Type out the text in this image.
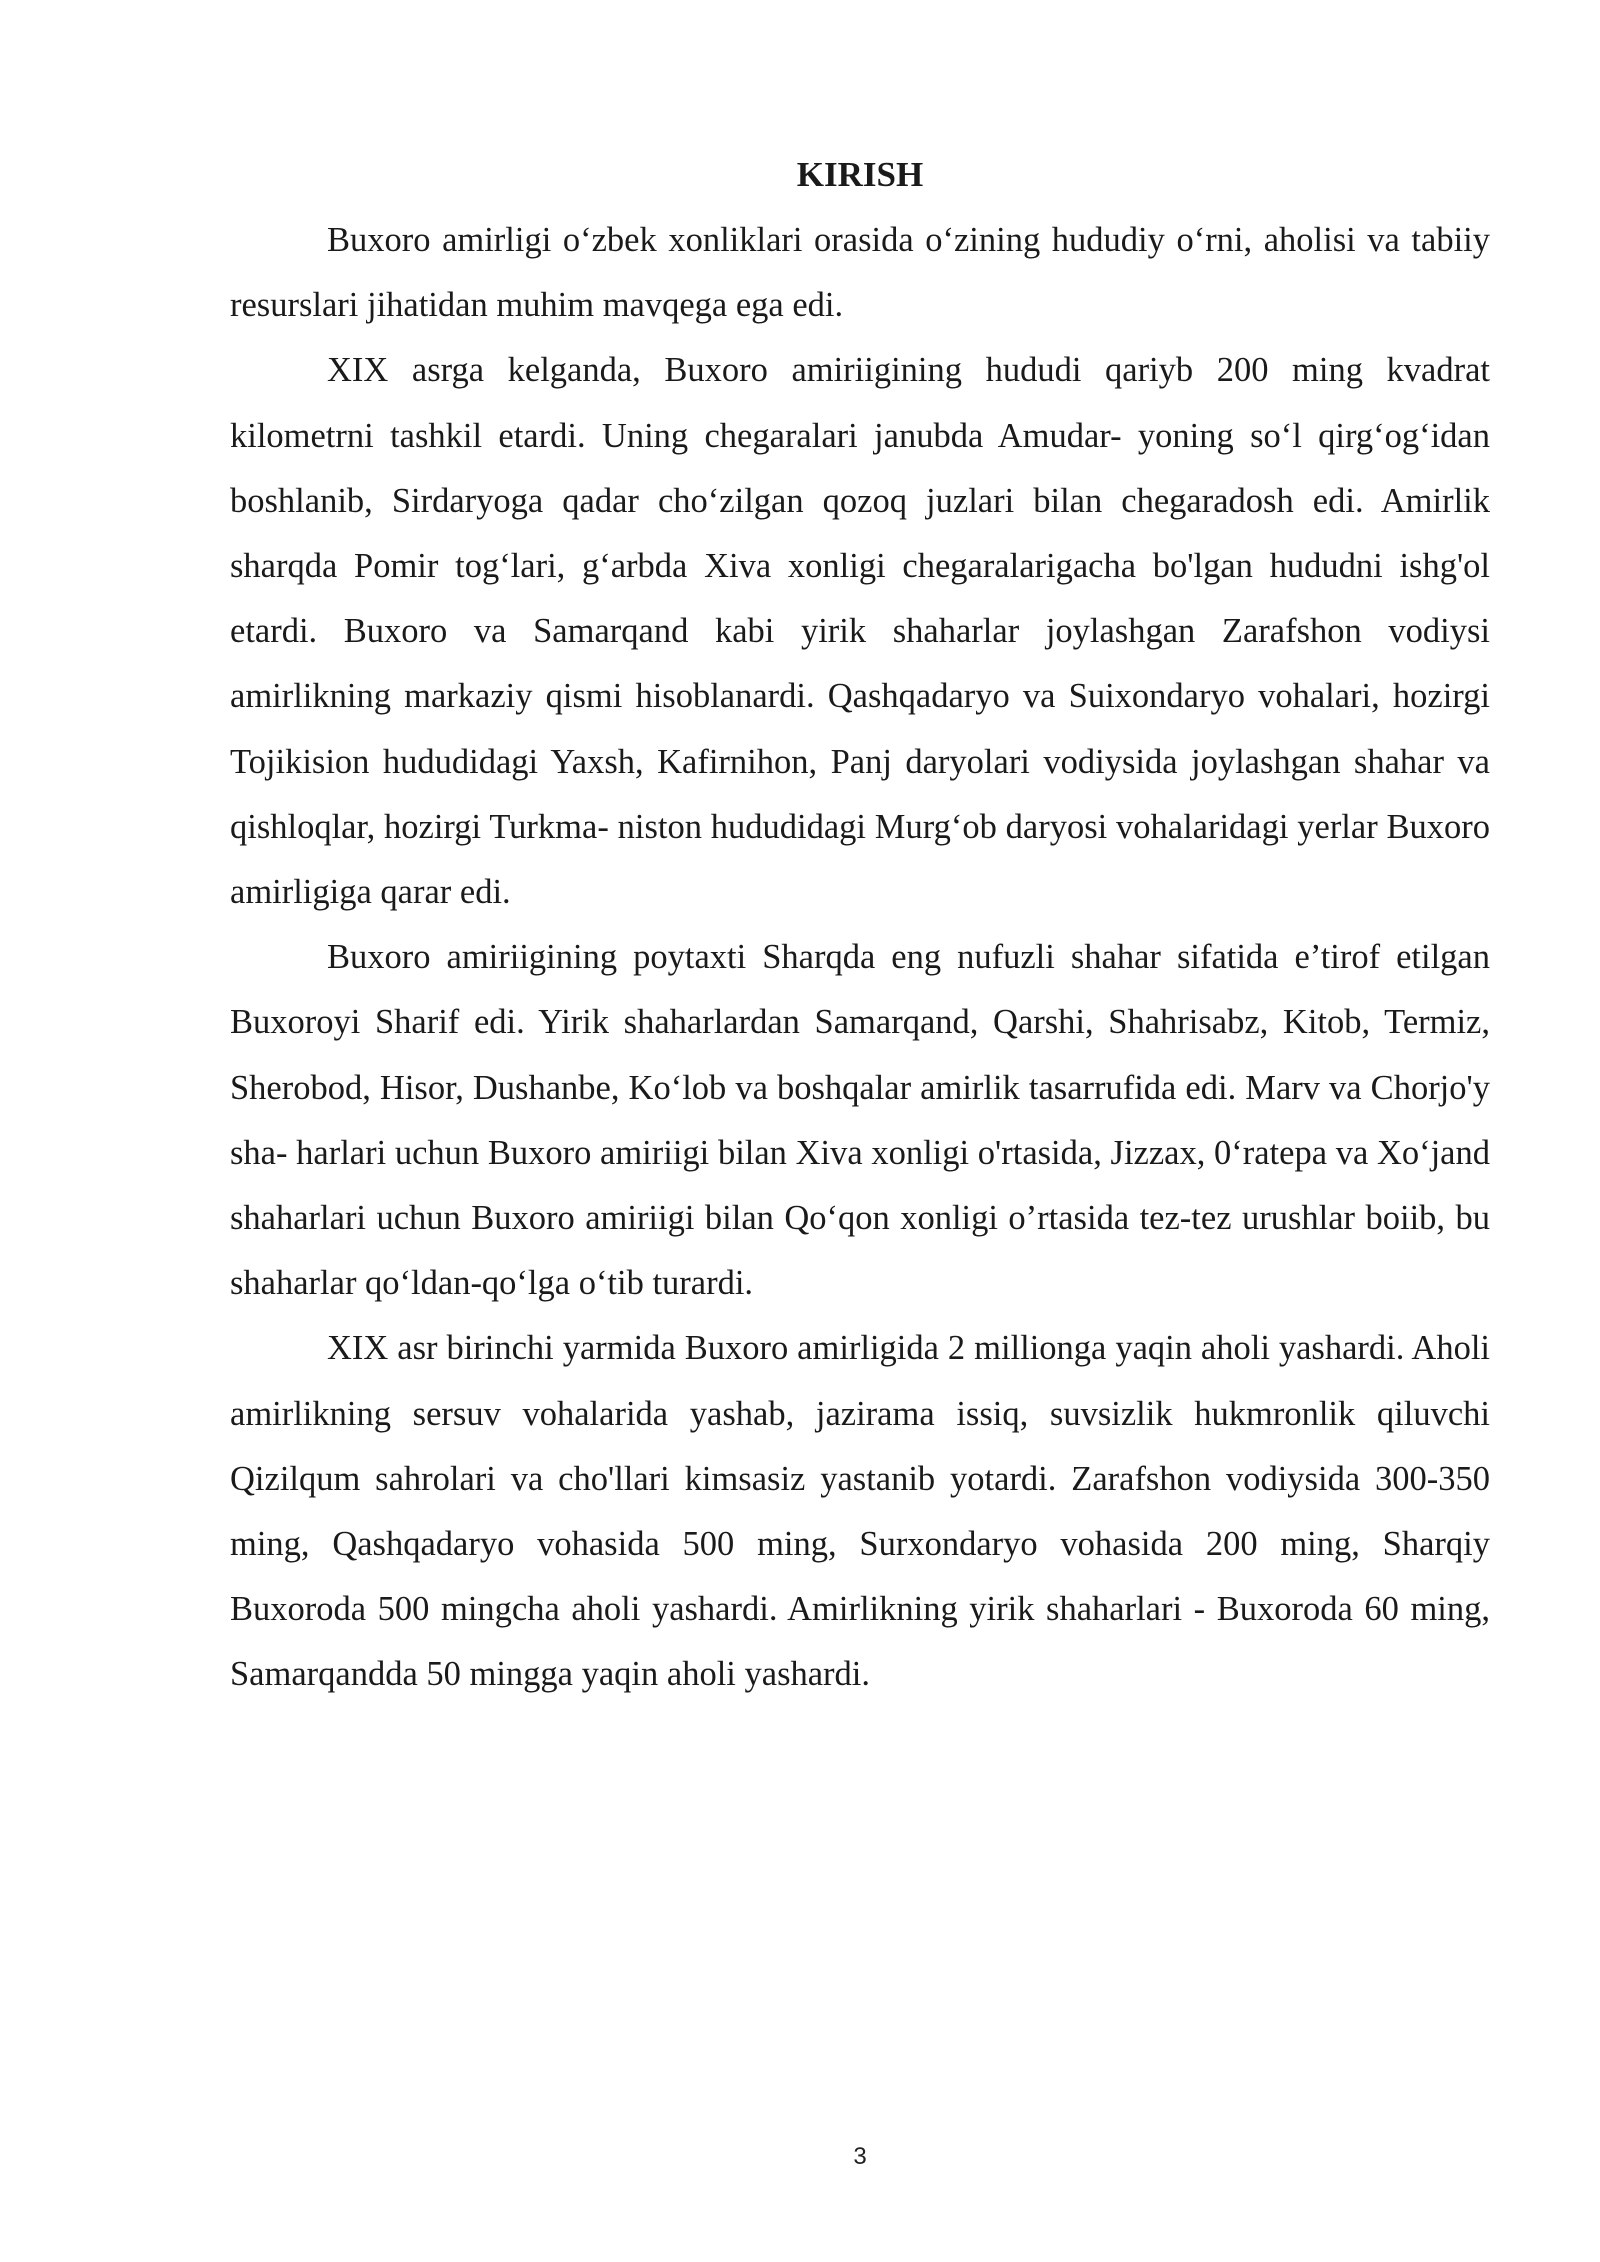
KIRISH

Buxoro amirligi o‘zbek xonliklari orasida o‘zining hududiy o‘rni, aholisi va tabiiy resurslari jihatidan muhim mavqega ega edi.

XIX asrga kelganda, Buxoro amiriigining hududi qariyb 200 ming kvadrat kilometrni tashkil etardi. Uning chegaralari janubda Amudar- yoning so‘l qirg‘og‘idan boshlanib, Sirdaryoga qadar cho‘zilgan qozoq juzlari bilan chegaradosh edi. Amirlik sharqda Pomir tog‘lari, g‘arbda Xiva xonligi chegaralarigacha bo'lgan hududni ishg'ol etardi. Buxoro va Samarqand kabi yirik shaharlar joylashgan Zarafshon vodiysi amirlikning markaziy qismi hisoblanardi. Qashqadaryo va Suixondaryo vohalari, hozirgi Tojikision hududidagi Yaxsh, Kafirnihon, Panj daryolari vodiysida joylashgan shahar va qishloqlar, hozirgi Turkma- niston hududidagi Murg‘ob daryosi vohalaridagi yerlar Buxoro amirligiga qarar edi.

Buxoro amiriigining poytaxti Sharqda eng nufuzli shahar sifatida e’tirof etilgan Buxoroyi Sharif edi. Yirik shaharlardan Samarqand, Qarshi, Shahrisabz, Kitob, Termiz, Sherobod, Hisor, Dushanbe, Ko‘lob va boshqalar amirlik tasarrufida edi. Marv va Chorjo'y sha- harlari uchun Buxoro amiriigi bilan Xiva xonligi o'rtasida, Jizzax, 0‘ratepa va Xo‘jand shaharlari uchun Buxoro amiriigi bilan Qo‘qon xonligi o’rtasida tez-tez urushlar boiib, bu shaharlar qo‘ldan-qo‘lga o‘tib turardi.

XIX asr birinchi yarmida Buxoro amirligida 2 millionga yaqin aholi yashardi. Aholi amirlikning sersuv vohalarida yashab, jazirama issiq, suvsizlik hukmronlik qiluvchi Qizilqum sahrolari va cho'llari kimsasiz yastanib yotardi. Zarafshon vodiysida 300-350 ming, Qashqadaryo vohasida 500 ming, Surxondaryo vohasida 200 ming, Sharqiy Buxoroda 500 mingcha aholi yashardi. Amirlikning yirik shaharlari - Buxoroda 60 ming, Samarqandda 50 mingga yaqin aholi yashardi.

3
